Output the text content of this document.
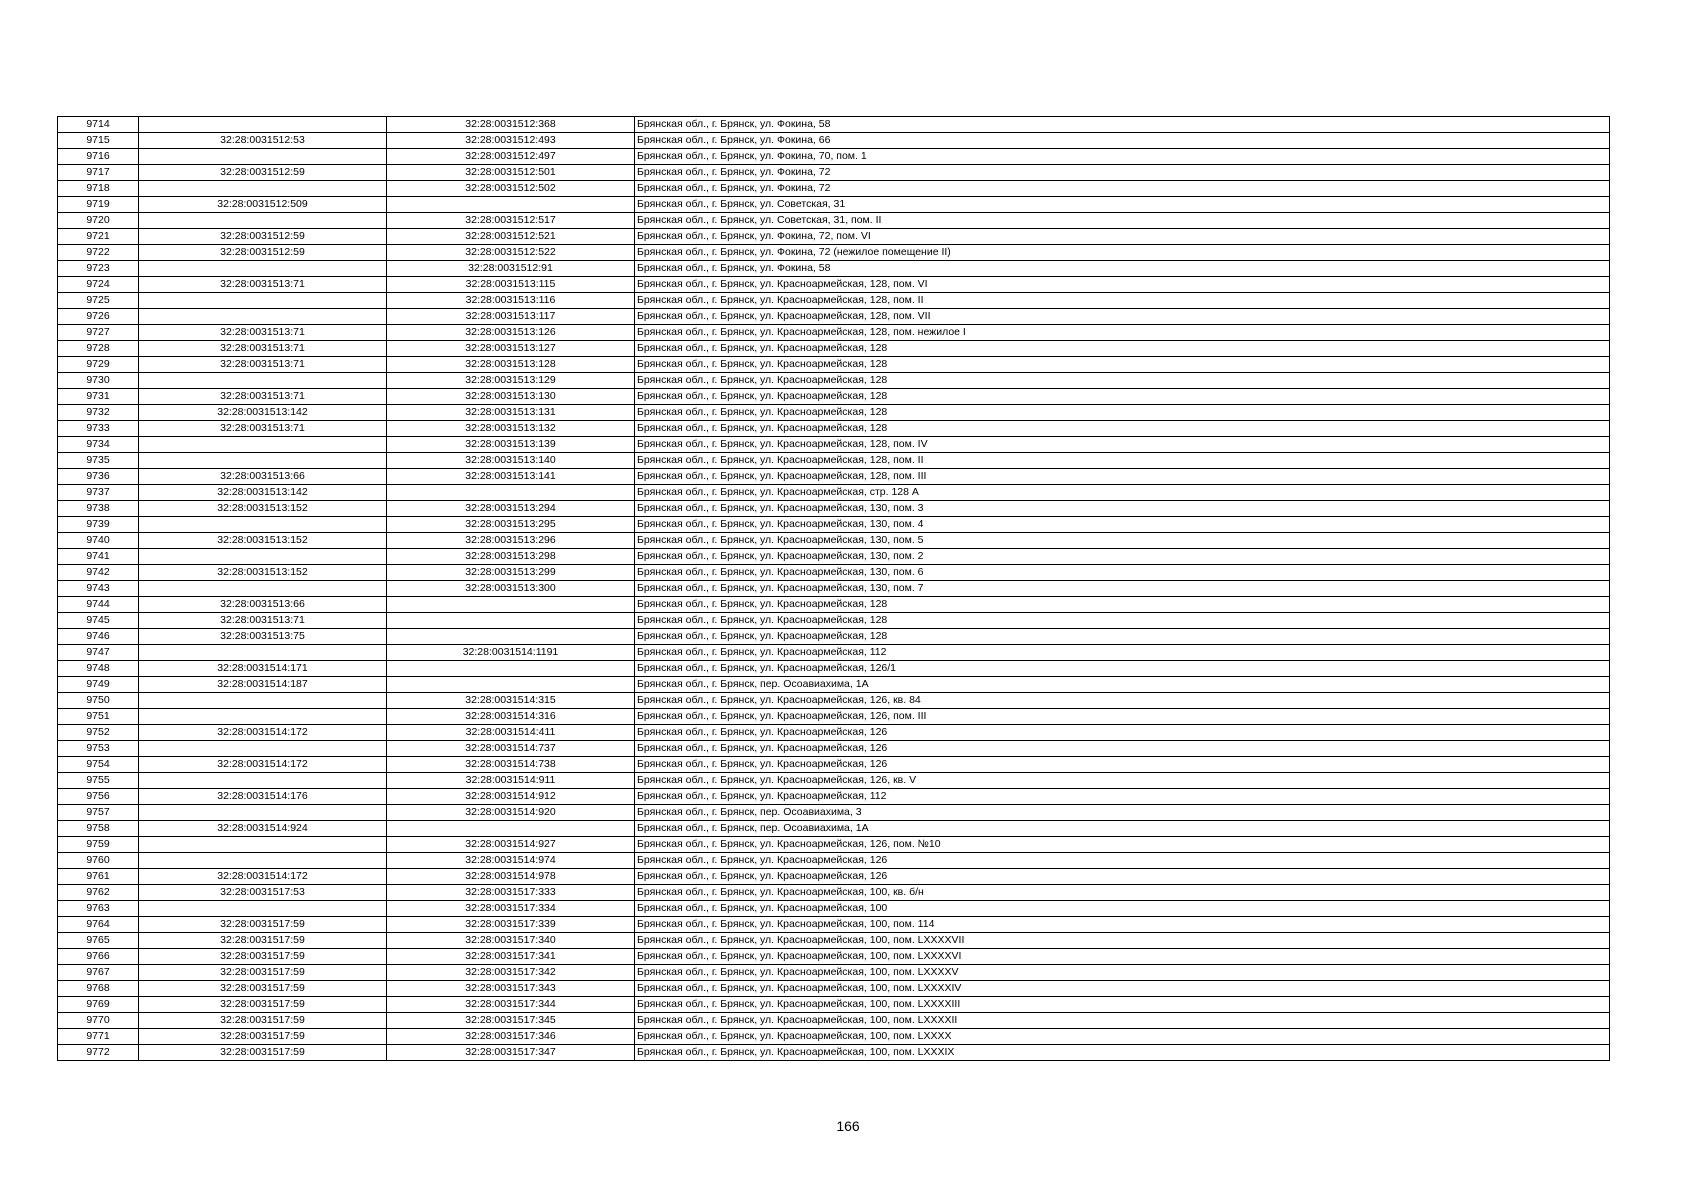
9714		32:28:0031512:368	Брянская обл., г. Брянск, ул. Фокина, 58
9715	32:28:0031512:53	32:28:0031512:493	Брянская обл., г. Брянск, ул. Фокина, 66
9716		32:28:0031512:497	Брянская обл., г. Брянск, ул. Фокина, 70, пом. 1
9717	32:28:0031512:59	32:28:0031512:501	Брянская обл., г. Брянск, ул. Фокина, 72
9718		32:28:0031512:502	Брянская обл., г. Брянск, ул. Фокина, 72
9719	32:28:0031512:509		Брянская обл., г. Брянск, ул. Советская, 31
9720		32:28:0031512:517	Брянская обл., г. Брянск, ул. Советская, 31, пом. II
9721	32:28:0031512:59	32:28:0031512:521	Брянская обл., г. Брянск, ул. Фокина, 72, пом. VI
9722	32:28:0031512:59	32:28:0031512:522	Брянская обл., г. Брянск, ул. Фокина, 72 (нежилое помещение II)
9723		32:28:0031512:91	Брянская обл., г. Брянск, ул. Фокина, 58
9724	32:28:0031513:71	32:28:0031513:115	Брянская обл., г. Брянск, ул. Красноармейская, 128, пом. VI
9725		32:28:0031513:116	Брянская обл., г. Брянск, ул. Красноармейская, 128, пом. II
9726		32:28:0031513:117	Брянская обл., г. Брянск, ул. Красноармейская, 128, пом. VII
9727	32:28:0031513:71	32:28:0031513:126	Брянская обл., г. Брянск, ул. Красноармейская, 128, пом. нежилое I
9728	32:28:0031513:71	32:28:0031513:127	Брянская обл., г. Брянск, ул. Красноармейская, 128
9729	32:28:0031513:71	32:28:0031513:128	Брянская обл., г. Брянск, ул. Красноармейская, 128
9730		32:28:0031513:129	Брянская обл., г. Брянск, ул. Красноармейская, 128
9731	32:28:0031513:71	32:28:0031513:130	Брянская обл., г. Брянск, ул. Красноармейская, 128
9732	32:28:0031513:142	32:28:0031513:131	Брянская обл., г. Брянск, ул. Красноармейская, 128
9733	32:28:0031513:71	32:28:0031513:132	Брянская обл., г. Брянск, ул. Красноармейская, 128
9734		32:28:0031513:139	Брянская обл., г. Брянск, ул. Красноармейская, 128, пом. IV
9735		32:28:0031513:140	Брянская обл., г. Брянск, ул. Красноармейская, 128, пом. II
9736	32:28:0031513:66	32:28:0031513:141	Брянская обл., г. Брянск, ул. Красноармейская, 128, пом. III
9737	32:28:0031513:142		Брянская обл., г. Брянск, ул. Красноармейская, стр. 128 А
9738	32:28:0031513:152	32:28:0031513:294	Брянская обл., г. Брянск, ул. Красноармейская, 130, пом. 3
9739		32:28:0031513:295	Брянская обл., г. Брянск, ул. Красноармейская, 130, пом. 4
9740	32:28:0031513:152	32:28:0031513:296	Брянская обл., г. Брянск, ул. Красноармейская, 130, пом. 5
9741		32:28:0031513:298	Брянская обл., г. Брянск, ул. Красноармейская, 130, пом. 2
9742	32:28:0031513:152	32:28:0031513:299	Брянская обл., г. Брянск, ул. Красноармейская, 130, пом. 6
9743		32:28:0031513:300	Брянская обл., г. Брянск, ул. Красноармейская, 130, пом. 7
9744	32:28:0031513:66		Брянская обл., г. Брянск, ул. Красноармейская, 128
9745	32:28:0031513:71		Брянская обл., г. Брянск, ул. Красноармейская, 128
9746	32:28:0031513:75		Брянская обл., г. Брянск, ул. Красноармейская, 128
9747		32:28:0031514:1191	Брянская обл., г. Брянск, ул. Красноармейская, 112
9748	32:28:0031514:171		Брянская обл., г. Брянск, ул. Красноармейская, 126/1
9749	32:28:0031514:187		Брянская обл., г. Брянск, пер. Осоавиахима, 1А
9750		32:28:0031514:315	Брянская обл., г. Брянск, ул. Красноармейская, 126, кв. 84
9751		32:28:0031514:316	Брянская обл., г. Брянск, ул. Красноармейская, 126, пом. III
9752	32:28:0031514:172	32:28:0031514:411	Брянская обл., г. Брянск, ул. Красноармейская, 126
9753		32:28:0031514:737	Брянская обл., г. Брянск, ул. Красноармейская, 126
9754	32:28:0031514:172	32:28:0031514:738	Брянская обл., г. Брянск, ул. Красноармейская, 126
9755		32:28:0031514:911	Брянская обл., г. Брянск, ул. Красноармейская, 126, кв. V
9756	32:28:0031514:176	32:28:0031514:912	Брянская обл., г. Брянск, ул. Красноармейская, 112
9757		32:28:0031514:920	Брянская обл., г. Брянск, пер. Осоавиахима, 3
9758	32:28:0031514:924		Брянская обл., г. Брянск, пер. Осоавиахима, 1А
9759		32:28:0031514:927	Брянская обл., г. Брянск, ул. Красноармейская, 126, пом. №10
9760		32:28:0031514:974	Брянская обл., г. Брянск, ул. Красноармейская, 126
9761	32:28:0031514:172	32:28:0031514:978	Брянская обл., г. Брянск, ул. Красноармейская, 126
9762	32:28:0031517:53	32:28:0031517:333	Брянская обл., г. Брянск, ул. Красноармейская, 100, кв. б/н
9763		32:28:0031517:334	Брянская обл., г. Брянск, ул. Красноармейская, 100
9764	32:28:0031517:59	32:28:0031517:339	Брянская обл., г. Брянск, ул. Красноармейская, 100, пом. 114
9765	32:28:0031517:59	32:28:0031517:340	Брянская обл., г. Брянск, ул. Красноармейская, 100, пом. LXXXXVII
9766	32:28:0031517:59	32:28:0031517:341	Брянская обл., г. Брянск, ул. Красноармейская, 100, пом. LXXXXVI
9767	32:28:0031517:59	32:28:0031517:342	Брянская обл., г. Брянск, ул. Красноармейская, 100, пом. LXXXXV
9768	32:28:0031517:59	32:28:0031517:343	Брянская обл., г. Брянск, ул. Красноармейская, 100, пом. LXXXXIV
9769	32:28:0031517:59	32:28:0031517:344	Брянская обл., г. Брянск, ул. Красноармейская, 100, пом. LXXXXIII
9770	32:28:0031517:59	32:28:0031517:345	Брянская обл., г. Брянск, ул. Красноармейская, 100, пом. LXXXXII
9771	32:28:0031517:59	32:28:0031517:346	Брянская обл., г. Брянск, ул. Красноармейская, 100, пом. LXXXX
9772	32:28:0031517:59	32:28:0031517:347	Брянская обл., г. Брянск, ул. Красноармейская, 100, пом. LXXXIX
166
